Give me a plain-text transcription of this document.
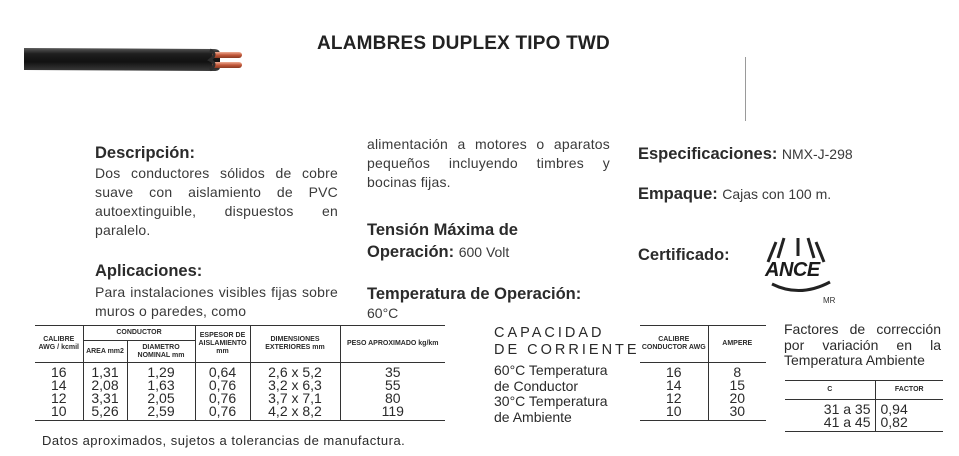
ALAMBRES DUPLEX TIPO TWD
Descripción:
Dos conductores sólidos de cobre suave con aislamiento de PVC autoextinguible, dispuestos en paralelo.
Aplicaciones:
Para instalaciones visibles fijas sobre muros o paredes, como
alimentación a motores o aparatos pequeños incluyendo timbres y bocinas fijas.
Tensión Máxima de
Operación: 600 Volt
Temperatura de Operación:
60°C
Especificaciones: NMX-J-298
Empaque: Cajas con 100 m.
Certificado:
ANCE
MR
CALIBRE AWG / kcmil	CONDUCTOR		ESPESOR DE AISLAMIENTO mm	DIMENSIONES EXTERIORES mm	PESO APROXIMADO kg/km
	AREA mm2	DIAMETRO NOMINAL mm			
16	1,31	1,29	0,64	2,6 x 5,2	35
14	2,08	1,63	0,76	3,2 x 6,3	55
12	3,31	2,05	0,76	3,7 x 7,1	80
10	5,26	2,59	0,76	4,2 x 8,2	119
CAPACIDAD
DE CORRIENTE
60°C Temperatura
de Conductor
30°C Temperatura
de Ambiente
CALIBRE CONDUCTOR AWG	AMPERE
16	8
14	15
12	20
10	30
Factores de corrección por variación en la Temperatura Ambiente
C	FACTOR
31 a 35	0,94
41 a 45	0,82
Datos aproximados, sujetos a tolerancias de manufactura.
